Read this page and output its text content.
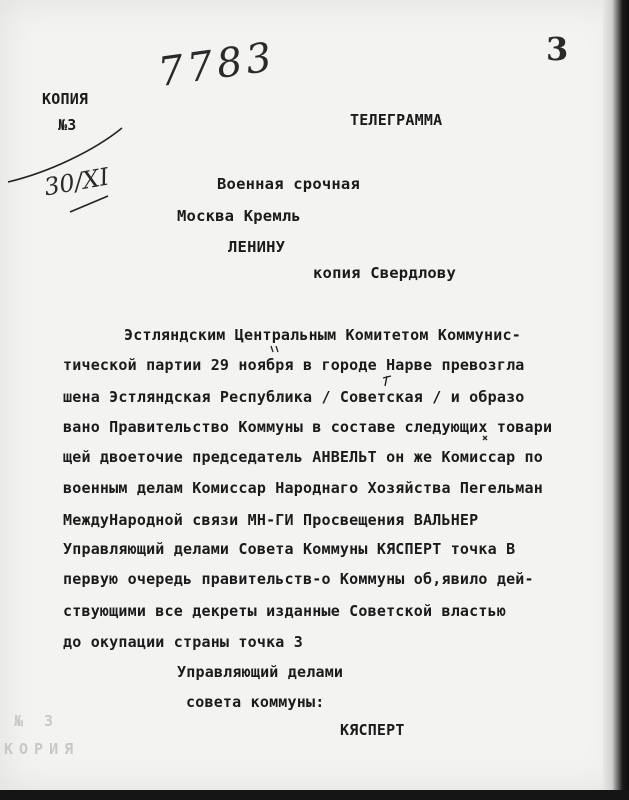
КОПИЯ
№3
7783	3
30/XI
ТЕЛЕГРАММА
Военная срочная
Москва Кремль
ЛЕНИНУ
копия Свердлову
Эстляндским Центральным Комитетом Коммунис-
тической партии 29 ноября в городе Нарве превозгла
шена Эстляндская Республика / Советская / и образо
вано Правительство Коммуны в составе следующих товари
щей двоеточие председатель АНВЕЛЬТ он же Комиссар по
военным делам Комиссар Народнаго Хозяйства Пегельман
МеждуНародной связи МН-ГИ Просвещения ВАЛЬНЕР
Управляющий делами Совета Коммуны КЯСПЕРТ точка В
первую очередь правительств-о Коммуны об,явило дей-
ствующими все декреты изданные Советской властью
до окупации страны точка 3
Управляющий делами
совета коммуны:
КЯСПЕРТ
№ 3
КОРИЯ
